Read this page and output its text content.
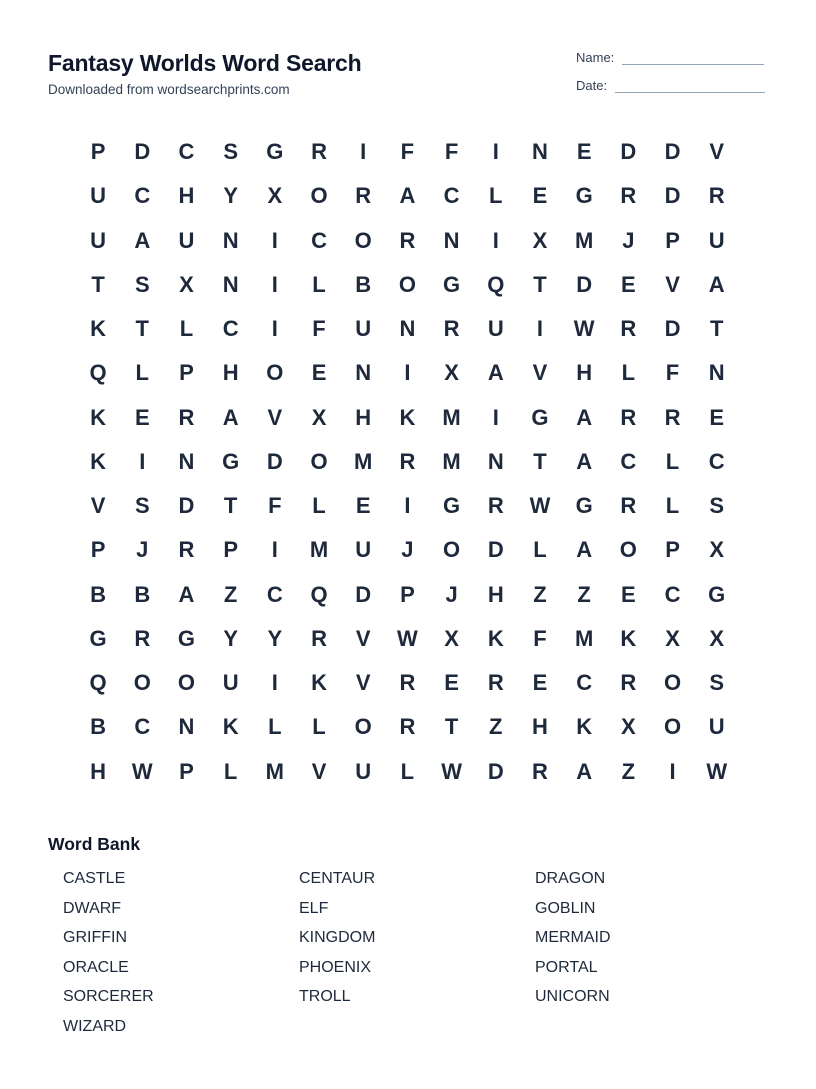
Fantasy Worlds Word Search
Downloaded from wordsearchprints.com
Name:
Date:
P	D	C	S	G	R	I	F	F	I	N	E	D	D	V
U	C	H	Y	X	O	R	A	C	L	E	G	R	D	R
U	A	U	N	I	C	O	R	N	I	X	M	J	P	U
T	S	X	N	I	L	B	O	G	Q	T	D	E	V	A
K	T	L	C	I	F	U	N	R	U	I	W	R	D	T
Q	L	P	H	O	E	N	I	X	A	V	H	L	F	N
K	E	R	A	V	X	H	K	M	I	G	A	R	R	E
K	I	N	G	D	O	M	R	M	N	T	A	C	L	C
V	S	D	T	F	L	E	I	G	R	W	G	R	L	S
P	J	R	P	I	M	U	J	O	D	L	A	O	P	X
B	B	A	Z	C	Q	D	P	J	H	Z	Z	E	C	G
G	R	G	Y	Y	R	V	W	X	K	F	M	K	X	X
Q	O	O	U	I	K	V	R	E	R	E	C	R	O	S
B	C	N	K	L	L	O	R	T	Z	H	K	X	O	U
H	W	P	L	M	V	U	L	W	D	R	A	Z	I	W
Word Bank
CASTLE	CENTAUR	DRAGON
DWARF	ELF	GOBLIN
GRIFFIN	KINGDOM	MERMAID
ORACLE	PHOENIX	PORTAL
SORCERER	TROLL	UNICORN
WIZARD
